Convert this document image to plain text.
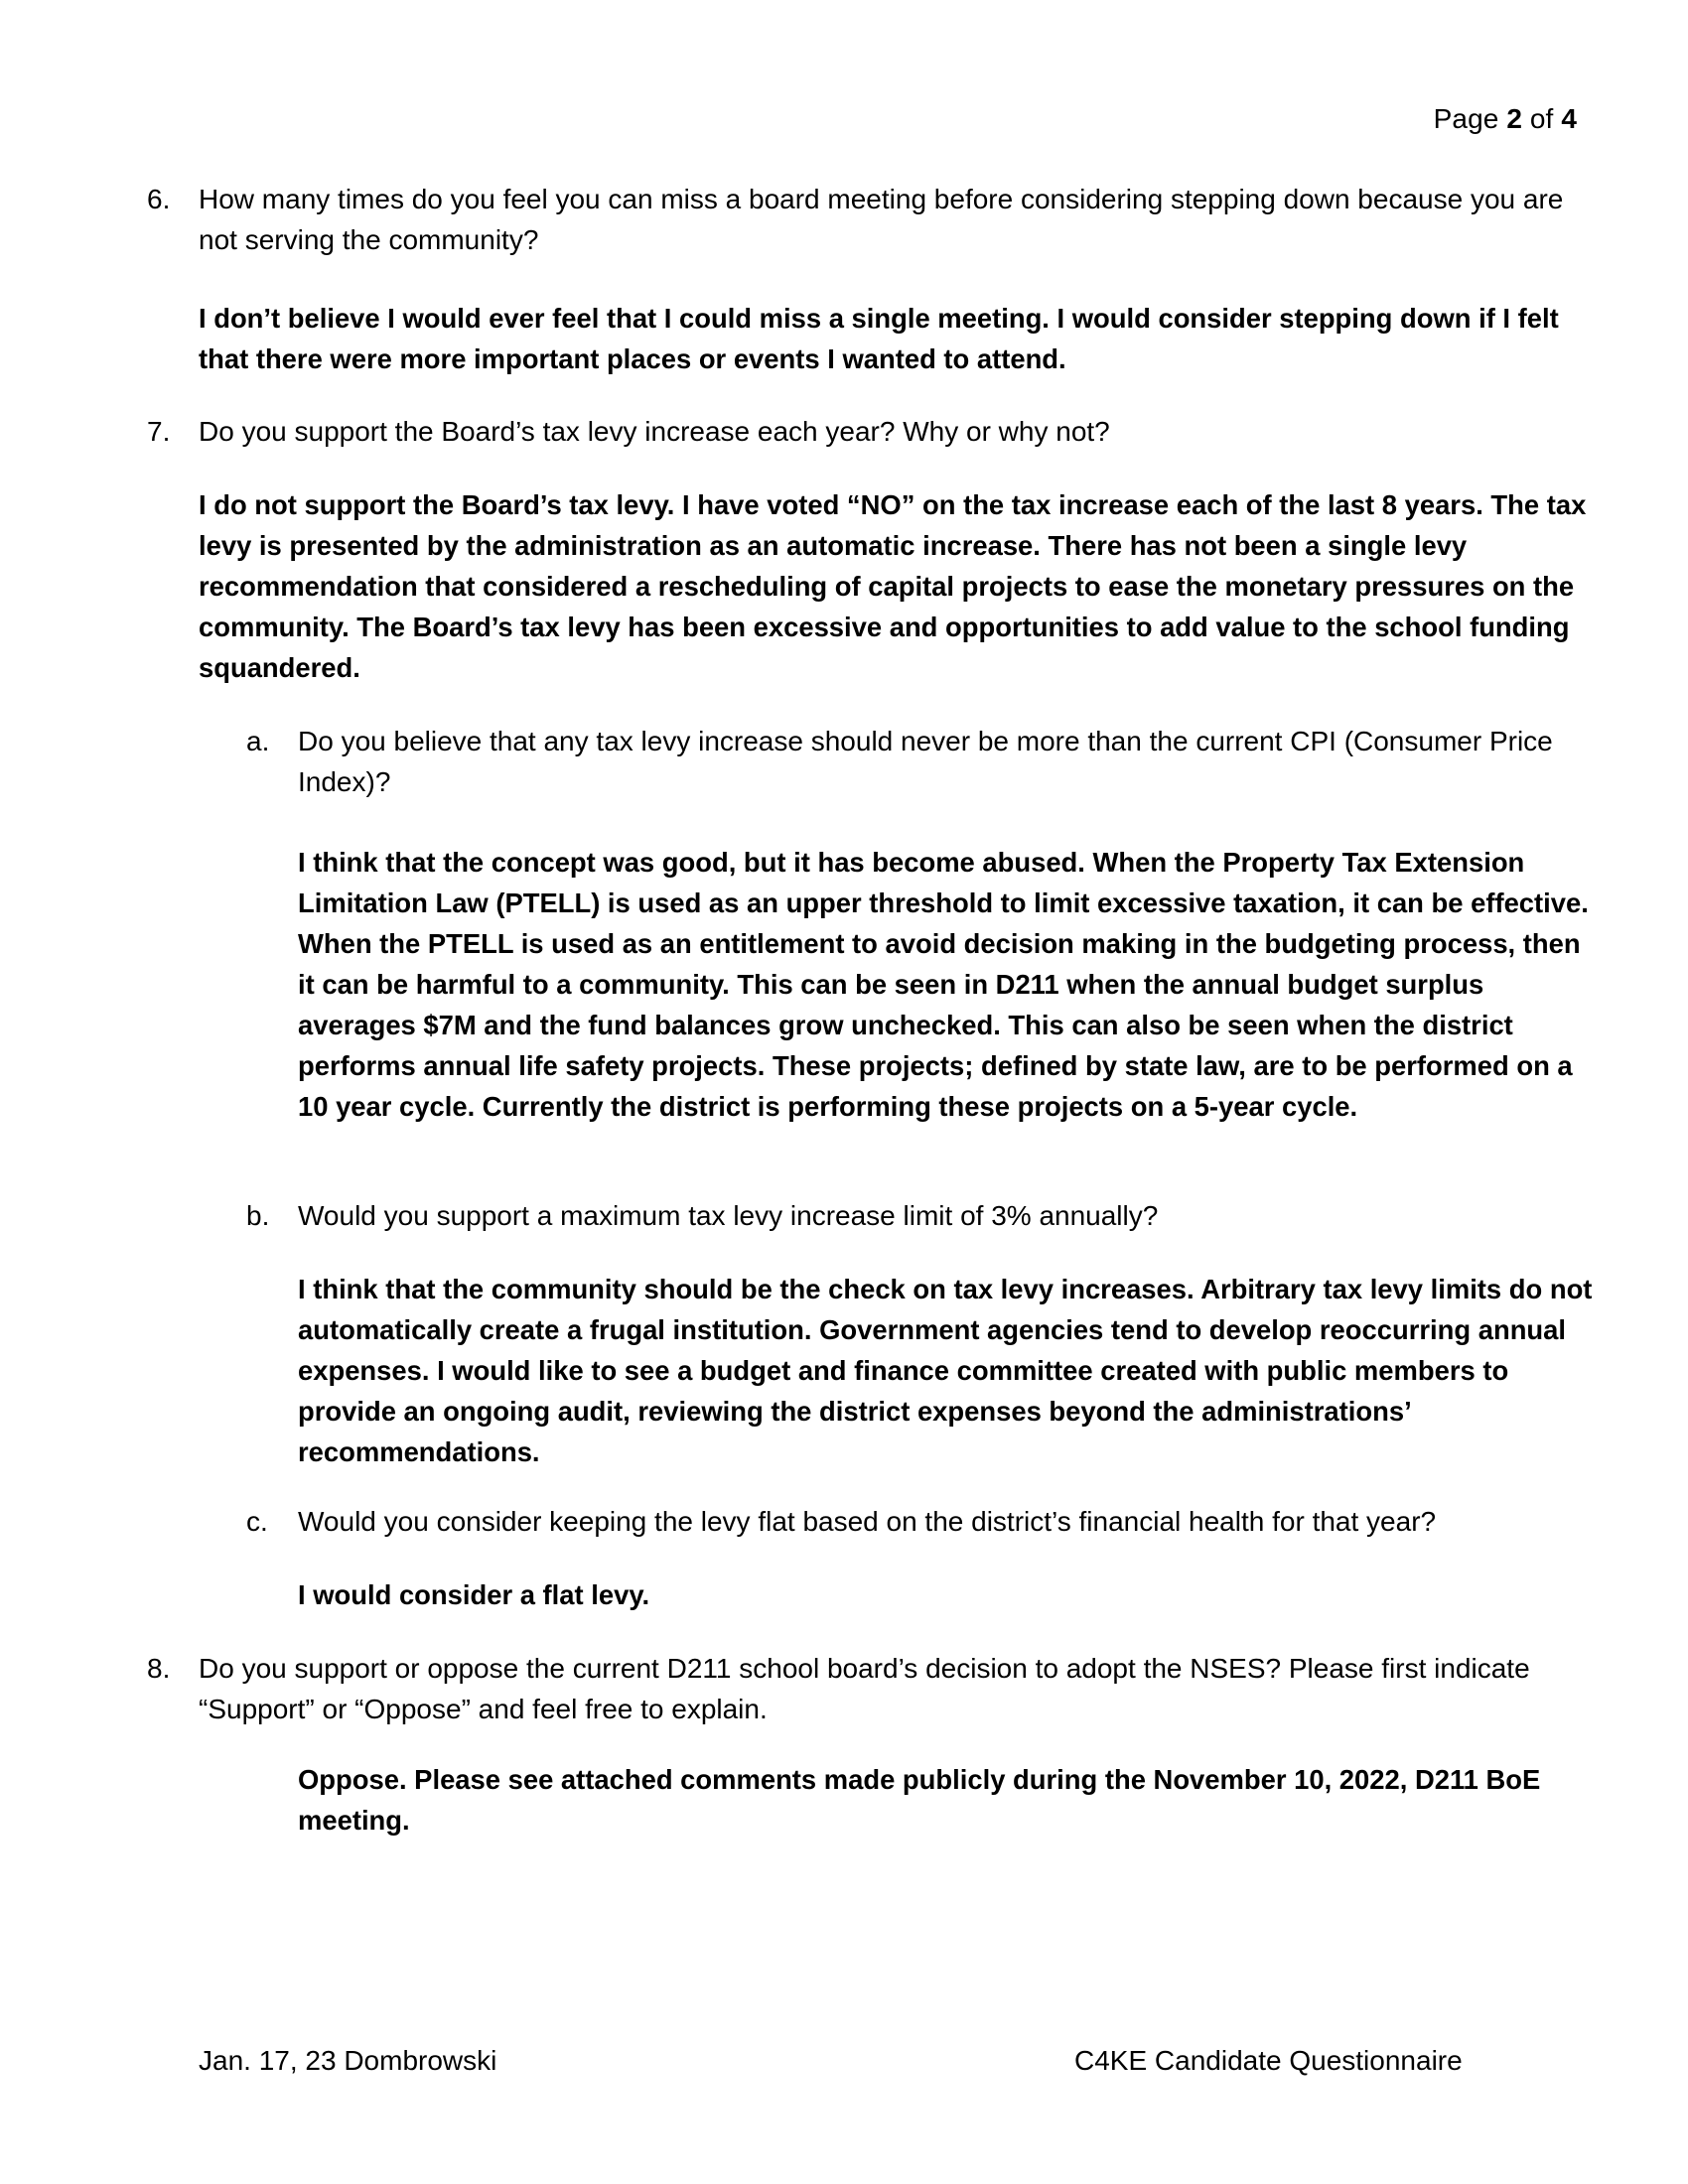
Page 2 of 4
6. How many times do you feel you can miss a board meeting before considering stepping down because you are not serving the community?
I don’t believe I would ever feel that I could miss a single meeting. I would consider stepping down if I felt that there were more important places or events I wanted to attend.
7. Do you support the Board’s tax levy increase each year? Why or why not?
I do not support the Board’s tax levy. I have voted “NO” on the tax increase each of the last 8 years. The tax levy is presented by the administration as an automatic increase. There has not been a single levy recommendation that considered a rescheduling of capital projects to ease the monetary pressures on the community. The Board’s tax levy has been excessive and opportunities to add value to the school funding squandered.
a. Do you believe that any tax levy increase should never be more than the current CPI (Consumer Price Index)?
I think that the concept was good, but it has become abused. When the Property Tax Extension Limitation Law (PTELL) is used as an upper threshold to limit excessive taxation, it can be effective. When the PTELL is used as an entitlement to avoid decision making in the budgeting process, then it can be harmful to a community. This can be seen in D211 when the annual budget surplus averages $7M and the fund balances grow unchecked. This can also be seen when the district performs annual life safety projects. These projects; defined by state law, are to be performed on a 10 year cycle. Currently the district is performing these projects on a 5-year cycle.
b. Would you support a maximum tax levy increase limit of 3% annually?
I think that the community should be the check on tax levy increases. Arbitrary tax levy limits do not automatically create a frugal institution. Government agencies tend to develop reoccurring annual expenses. I would like to see a budget and finance committee created with public members to provide an ongoing audit, reviewing the district expenses beyond the administrations’ recommendations.
c. Would you consider keeping the levy flat based on the district’s financial health for that year?
I would consider a flat levy.
8. Do you support or oppose the current D211 school board’s decision to adopt the NSES? Please first indicate “Support” or “Oppose” and feel free to explain.
Oppose. Please see attached comments made publicly during the November 10, 2022, D211 BoE meeting.
Jan. 17, 23 Dombrowski	C4KE Candidate Questionnaire
